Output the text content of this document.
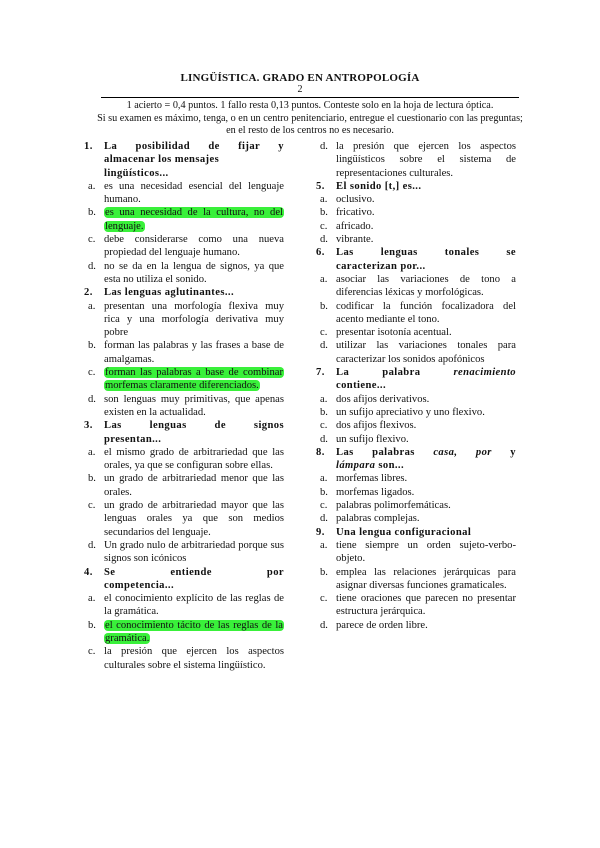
LINGÜÍSTICA. GRADO EN ANTROPOLOGÍA
2
1 acierto = 0,4 puntos. 1 fallo resta 0,13 puntos. Conteste solo en la hoja de lectura óptica.
Si su examen es máximo, tenga, o en un centro penitenciario, entregue el cuestionario con las preguntas; en el resto de los centros no es necesario.
1.	La posibilidad de fijar y
almacenar los mensajes lingüísticos...
a. es una necesidad esencial del lenguaje humano.
b. es una necesidad de la cultura, no del lenguaje.
c. debe considerarse como una nueva propiedad del lenguaje humano.
d. no se da en la lengua de signos, ya que esta no utiliza el sonido.
2.	Las lenguas aglutinantes...
a. presentan una morfología flexiva muy rica y una morfología derivativa muy pobre
b. forman las palabras y las frases a base de amalgamas.
c. forman las palabras a base de combinar morfemas claramente diferenciados.
d. son lenguas muy primitivas, que apenas existen en la actualidad.
3.	Las lenguas de signos
presentan...
a. el mismo grado de arbitrariedad que las orales, ya que se configuran sobre ellas.
b. un grado de arbitrariedad menor que las orales.
c. un grado de arbitrariedad mayor que las lenguas orales ya que son medios secundarios del lenguaje.
d. Un grado nulo de arbitrariedad porque sus signos son icónicos
4.	Se entiende por
competencia...
a. el conocimiento explícito de las reglas de la gramática.
b. el conocimiento tácito de las reglas de la gramática.
c. la presión que ejercen los aspectos culturales sobre el sistema lingüístico.
d. la presión que ejercen los aspectos lingüísticos sobre el sistema de representaciones culturales.
5.	El sonido [t,] es...
a. oclusivo.
b. fricativo.
c. africado.
d. vibrante.
6.	Las lenguas tonales se
caracterizan por...
a. asociar las variaciones de tono a diferencias léxicas y morfológicas.
b. codificar la función focalizadora del acento mediante el tono.
c. presentar isotonía acentual.
d. utilizar las variaciones tonales para caracterizar los sonidos apofónicos
7.	La palabra renacimiento
contiene...
a. dos afijos derivativos.
b. un sufijo apreciativo y uno flexivo.
c. dos afijos flexivos.
d. un sufijo flexivo.
8.	Las palabras casa, por y
lámpara son...
a. morfemas libres.
b. morfemas ligados.
c. palabras polimorfemáticas.
d. palabras complejas.
9.	Una lengua configuracional
a. tiene siempre un orden sujeto-verbo-objeto.
b. emplea las relaciones jerárquicas para asignar diversas funciones gramaticales.
c. tiene oraciones que parecen no presentar estructura jerárquica.
d. parece de orden libre.
